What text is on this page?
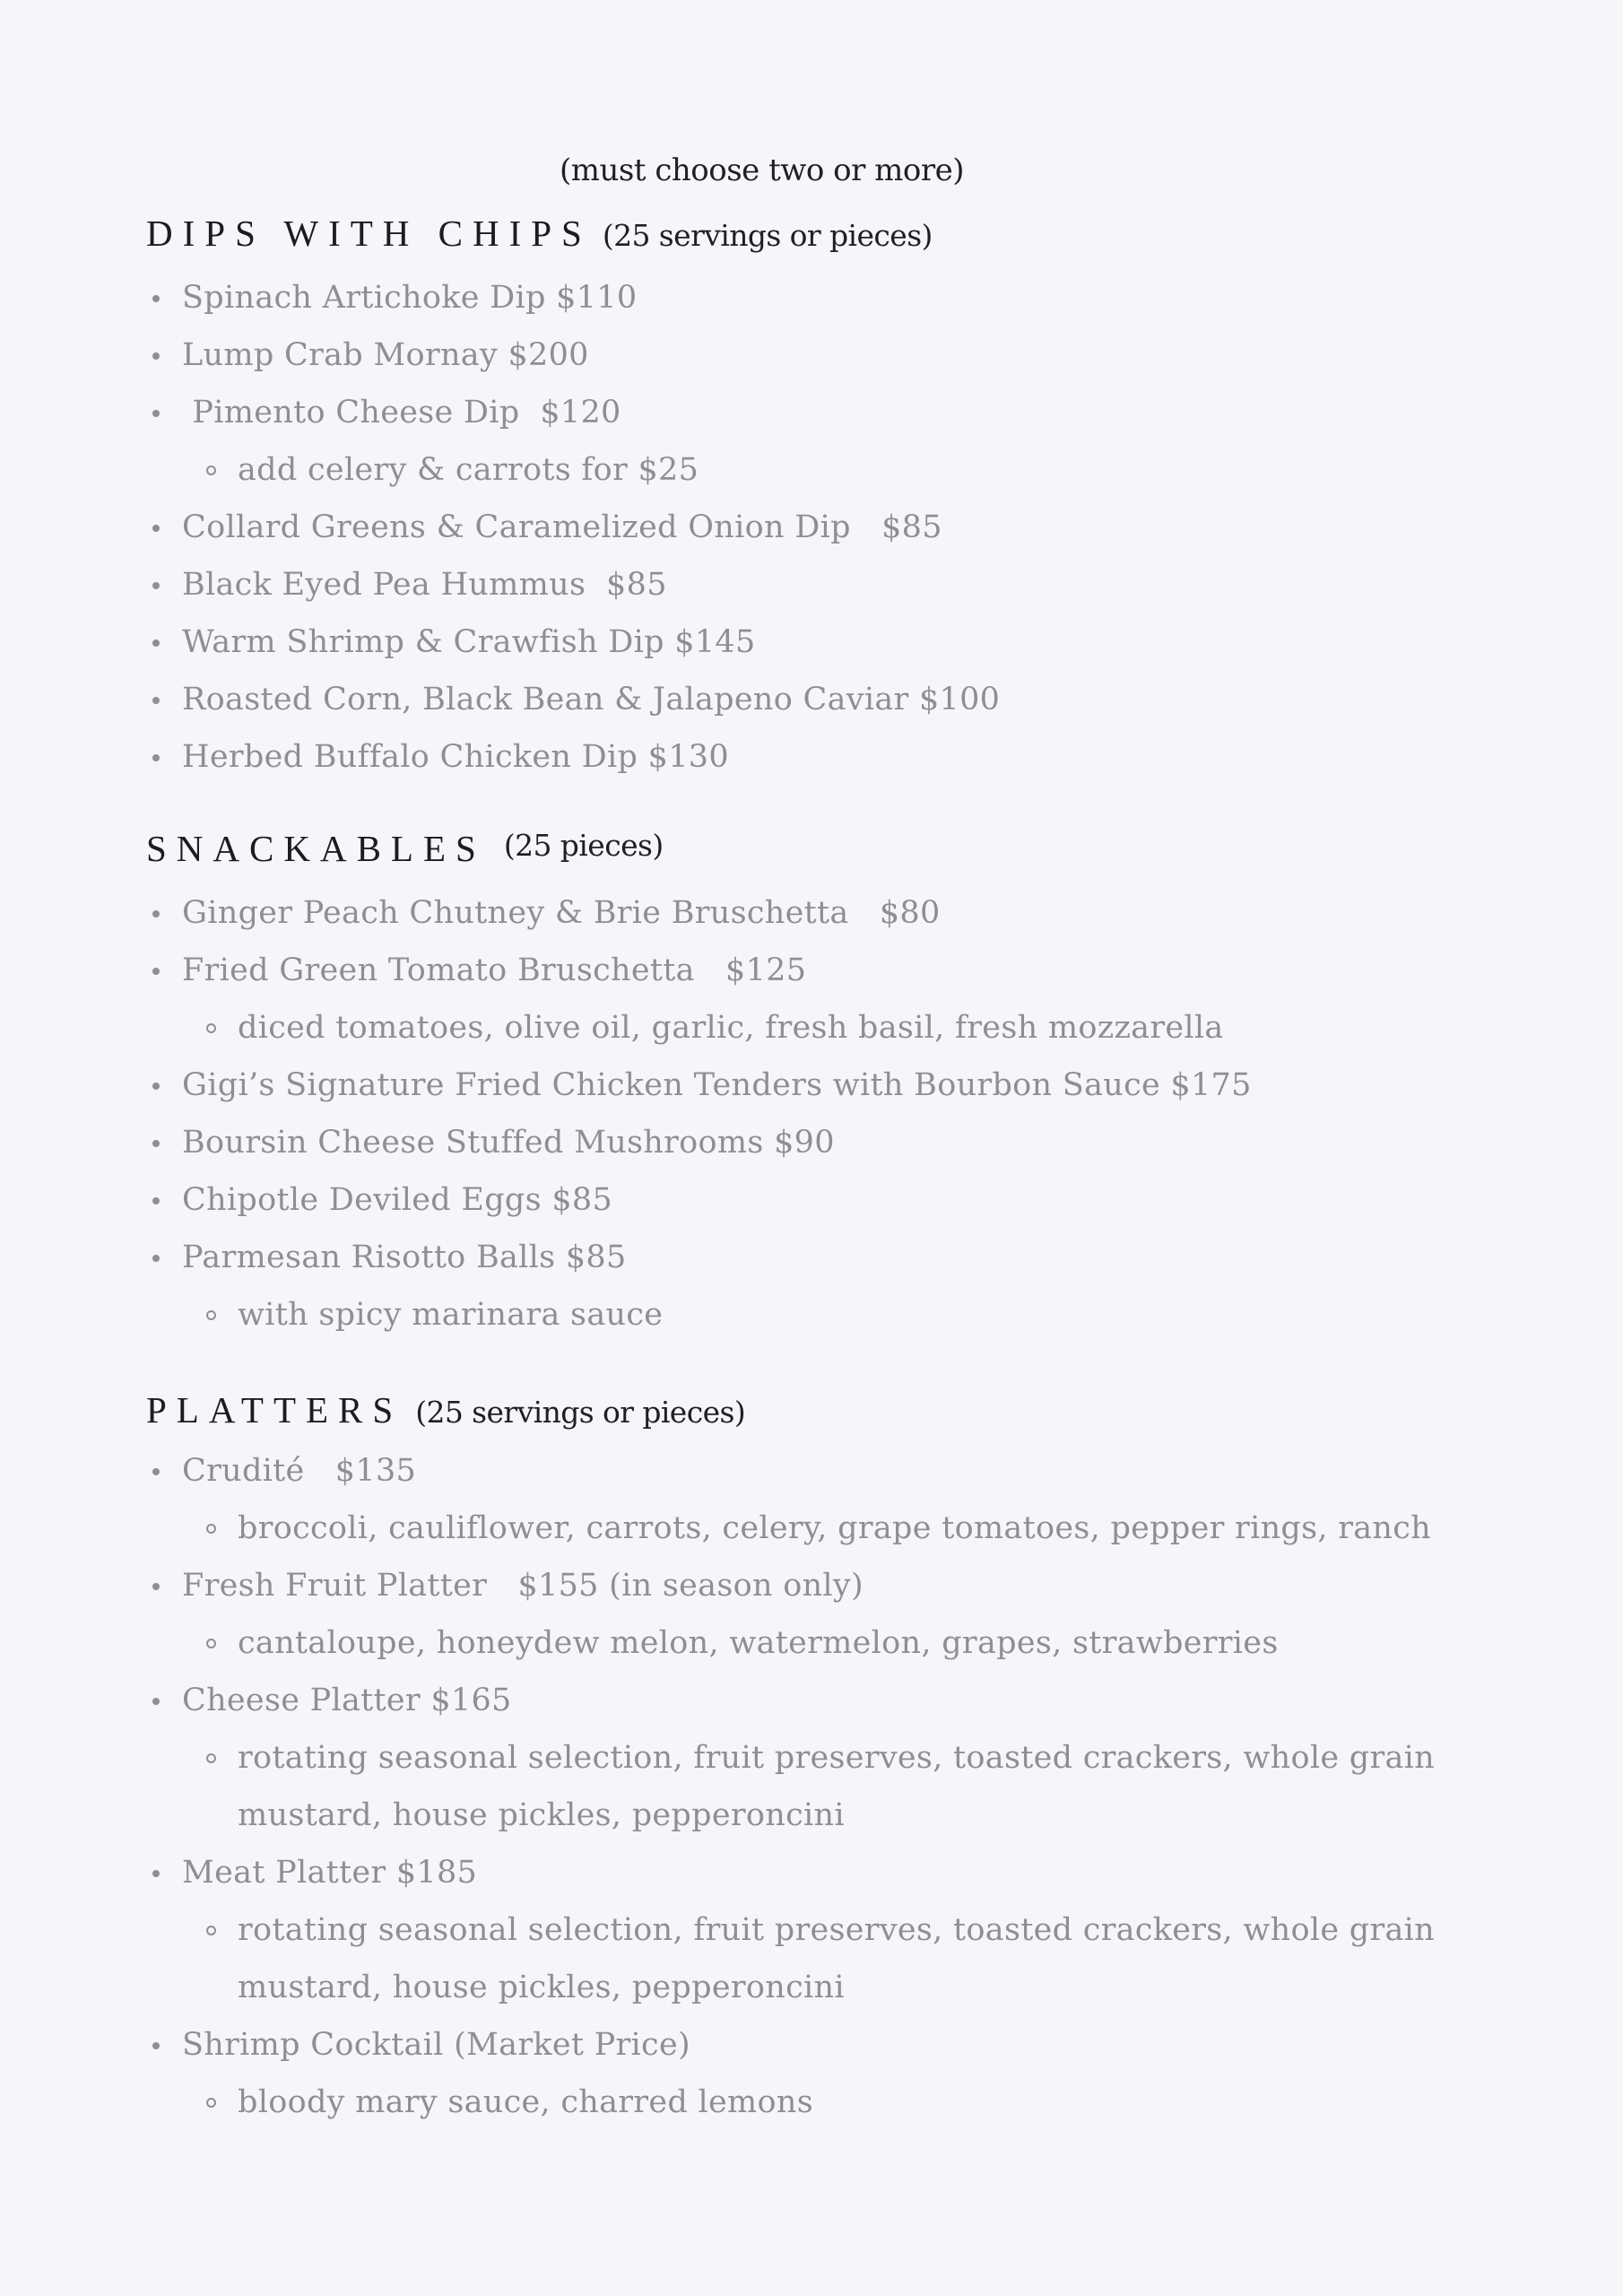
(must choose two or more)
DIPS WITH CHIPS (25 servings or pieces)
Spinach Artichoke Dip $110
Lump Crab Mornay $200
Pimento Cheese Dip  $120
add celery & carrots for $25
Collard Greens & Caramelized Onion Dip   $85
Black Eyed Pea Hummus  $85
Warm Shrimp & Crawfish Dip $145
Roasted Corn, Black Bean & Jalapeno Caviar $100
Herbed Buffalo Chicken Dip $130
SNACKABLES (25 pieces)
Ginger Peach Chutney & Brie Bruschetta   $80
Fried Green Tomato Bruschetta   $125
diced tomatoes, olive oil, garlic, fresh basil, fresh mozzarella
Gigi’s Signature Fried Chicken Tenders with Bourbon Sauce $175
Boursin Cheese Stuffed Mushrooms $90
Chipotle Deviled Eggs $85
Parmesan Risotto Balls $85
with spicy marinara sauce
PLATTERS (25 servings or pieces)
Crudité   $135
broccoli, cauliflower, carrots, celery, grape tomatoes, pepper rings, ranch
Fresh Fruit Platter   $155 (in season only)
cantaloupe, honeydew melon, watermelon, grapes, strawberries
Cheese Platter $165
rotating seasonal selection, fruit preserves, toasted crackers, whole grain mustard, house pickles, pepperoncini
Meat Platter $185
rotating seasonal selection, fruit preserves, toasted crackers, whole grain mustard, house pickles, pepperoncini
Shrimp Cocktail (Market Price)
bloody mary sauce, charred lemons
